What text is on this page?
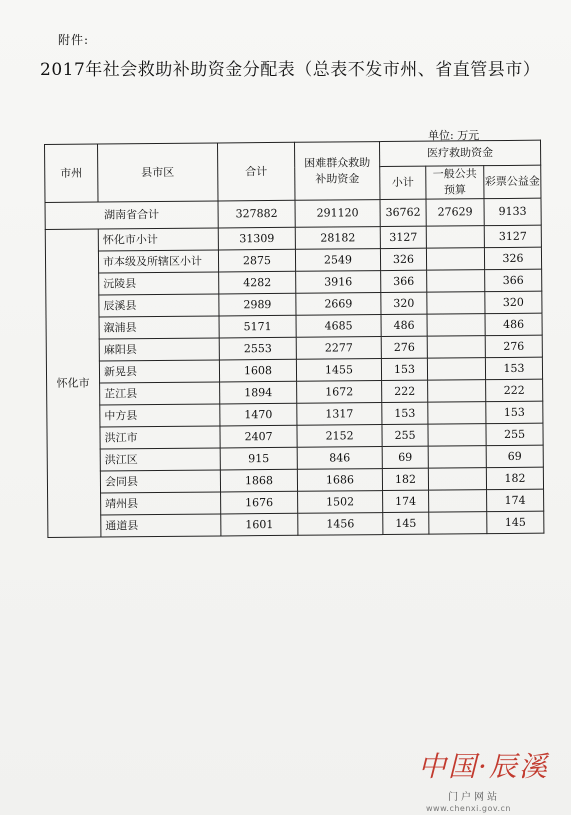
附件:
2017年社会救助补助资金分配表（总表不发市州、省直管县市）
单位: 万元
市州	县市区	合计	困难群众救助补助资金	医疗救助资金		
				小计	一般公共预算	彩票公益金
湖南省合计		327882	291120	36762	27629	9133
怀化市	怀化市小计	31309	28182	3127		3127
	市本级及所辖区小计	2875	2549	326		326
	沅陵县	4282	3916	366		366
	辰溪县	2989	2669	320		320
	溆浦县	5171	4685	486		486
	麻阳县	2553	2277	276		276
	新晃县	1608	1455	153		153
	芷江县	1894	1672	222		222
	中方县	1470	1317	153		153
	洪江市	2407	2152	255		255
	洪江区	915	846	69		69
	会同县	1868	1686	182		182
	靖州县	1676	1502	174		174
	通道县	1601	1456	145		145
中国·辰溪
门户网站
www.chenxi.gov.cn
